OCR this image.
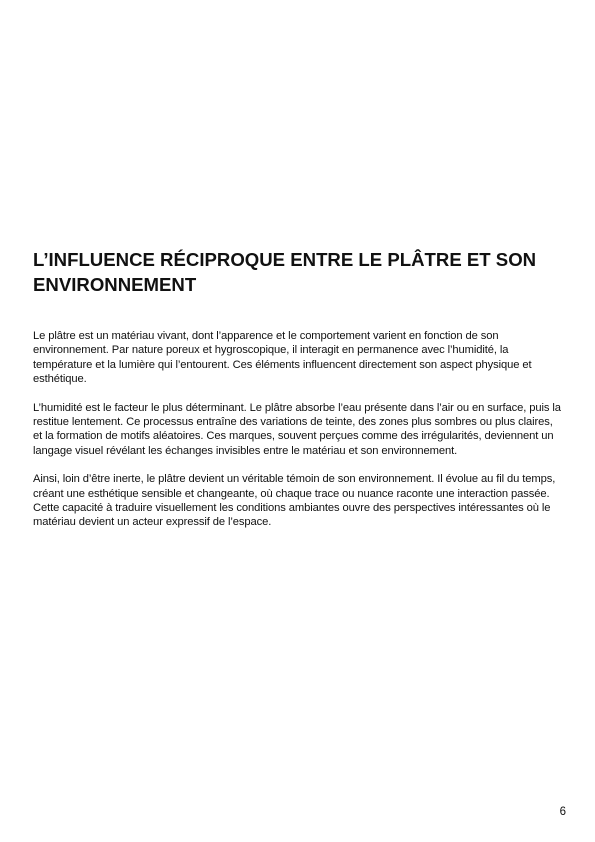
L’INFLUENCE RÉCIPROQUE ENTRE LE PLÂTRE ET SON ENVIRONNEMENT

Le plâtre est un matériau vivant, dont l’apparence et le comportement varient en fonction de son environnement. Par nature poreux et hygroscopique, il interagit en permanence avec l’humidité, la température et la lumière qui l’entourent. Ces éléments influencent directement son aspect physique et esthétique.

L’humidité est le facteur le plus déterminant. Le plâtre absorbe l’eau présente dans l’air ou en surface, puis la restitue lentement. Ce processus entraîne des variations de teinte, des zones plus sombres ou plus claires, et la formation de motifs aléatoires. Ces marques, souvent perçues comme des irrégularités, deviennent un langage visuel révélant les échanges invisibles entre le matériau et son environnement.

Ainsi, loin d’être inerte, le plâtre devient un véritable témoin de son environnement. Il évolue au fil du temps, créant une esthétique sensible et changeante, où chaque trace ou nuance raconte une interaction passée. Cette capacité à traduire visuellement les conditions ambiantes ouvre des perspectives intéressantes où le matériau devient un acteur expressif de l’espace.

6
